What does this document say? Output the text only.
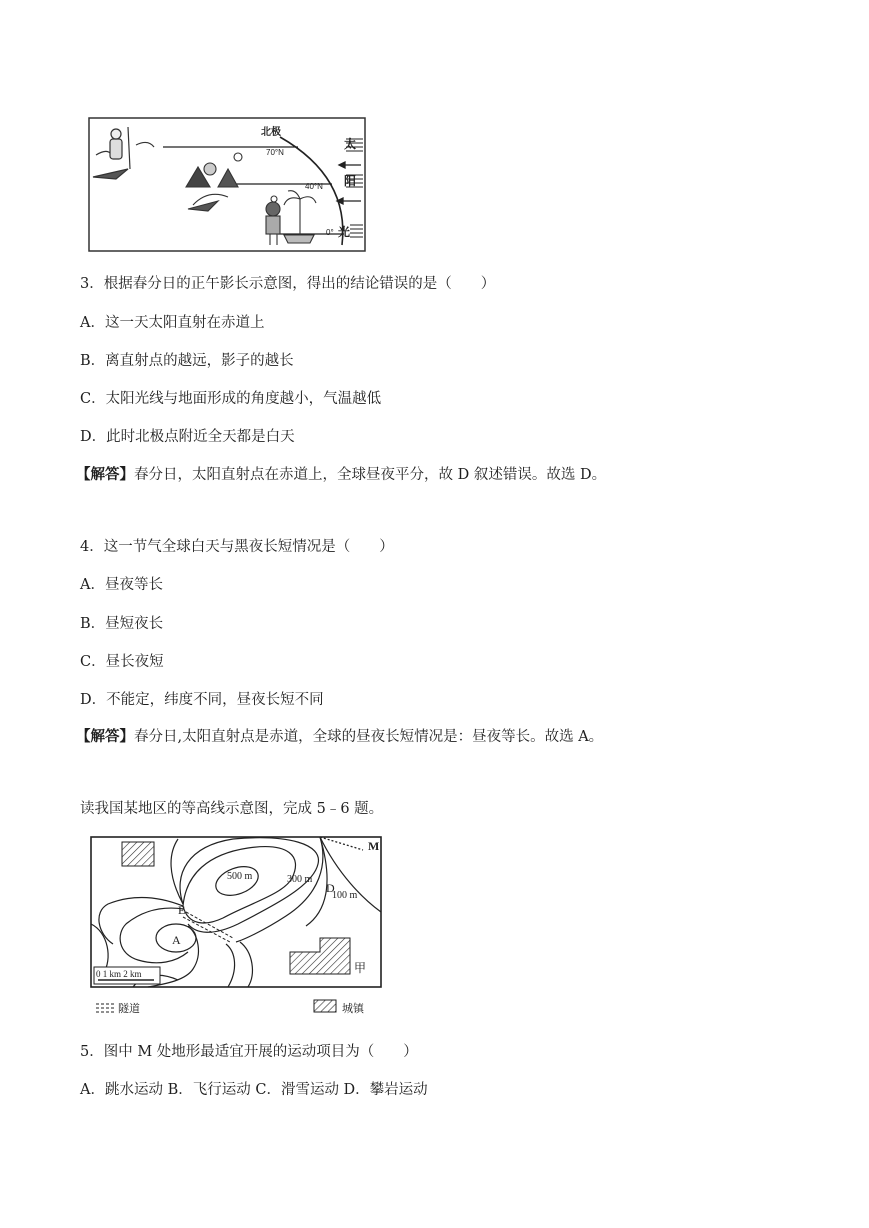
北极
70°N
40°N
0°
太
阳
光
3．根据春分日的正午影长示意图，得出的结论错误的是（　　）
A．这一天太阳直射在赤道上
B．离直射点的越远，影子的越长
C．太阳光线与地面形成的角度越小，气温越低
D．此时北极点附近全天都是白天
【解答】春分日，太阳直射点在赤道上，全球昼夜平分，故 D 叙述错误。故选 D。
4．这一节气全球白天与黑夜长短情况是（　　）
A．昼夜等长
B．昼短夜长
C．昼长夜短
D．不能定，纬度不同，昼夜长短不同
【解答】春分日,太阳直射点是赤道，全球的昼夜长短情况是：昼夜等长。故选 A。
读我国某地区的等高线示意图，完成 5﹣6 题。
0 1 km 2 km
500 m	300 m
100 m
M
D
E
A
甲
隧道	城镇
5．图中 M 处地形最适宜开展的运动项目为（　　）
A．跳水运动 B．飞行运动 C．滑雪运动 D．攀岩运动
